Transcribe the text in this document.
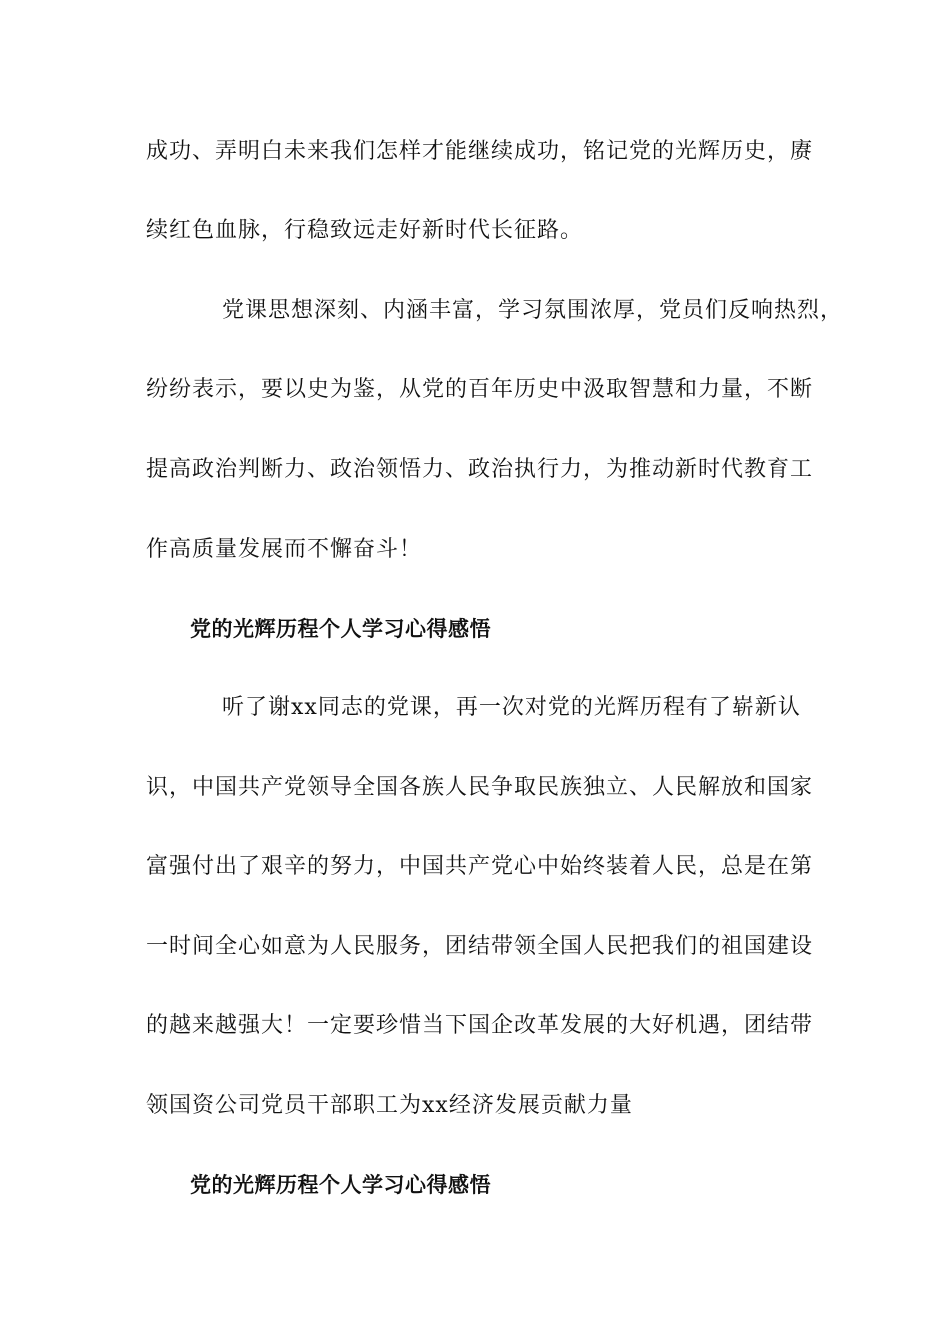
成功、弄明白未来我们怎样才能继续成功，铭记党的光辉历史，赓
续红色血脉，行稳致远走好新时代长征路。
党课思想深刻、内涵丰富，学习氛围浓厚，党员们反响热烈，
纷纷表示，要以史为鉴，从党的百年历史中汲取智慧和力量，不断
提高政治判断力、政治领悟力、政治执行力，为推动新时代教育工
作高质量发展而不懈奋斗！
党的光辉历程个人学习心得感悟
听了谢xx同志的党课，再一次对党的光辉历程有了崭新认
识，中国共产党领导全国各族人民争取民族独立、人民解放和国家
富强付出了艰辛的努力，中国共产党心中始终装着人民，总是在第
一时间全心如意为人民服务，团结带领全国人民把我们的祖国建设
的越来越强大！一定要珍惜当下国企改革发展的大好机遇，团结带
领国资公司党员干部职工为xx经济发展贡献力量
党的光辉历程个人学习心得感悟
